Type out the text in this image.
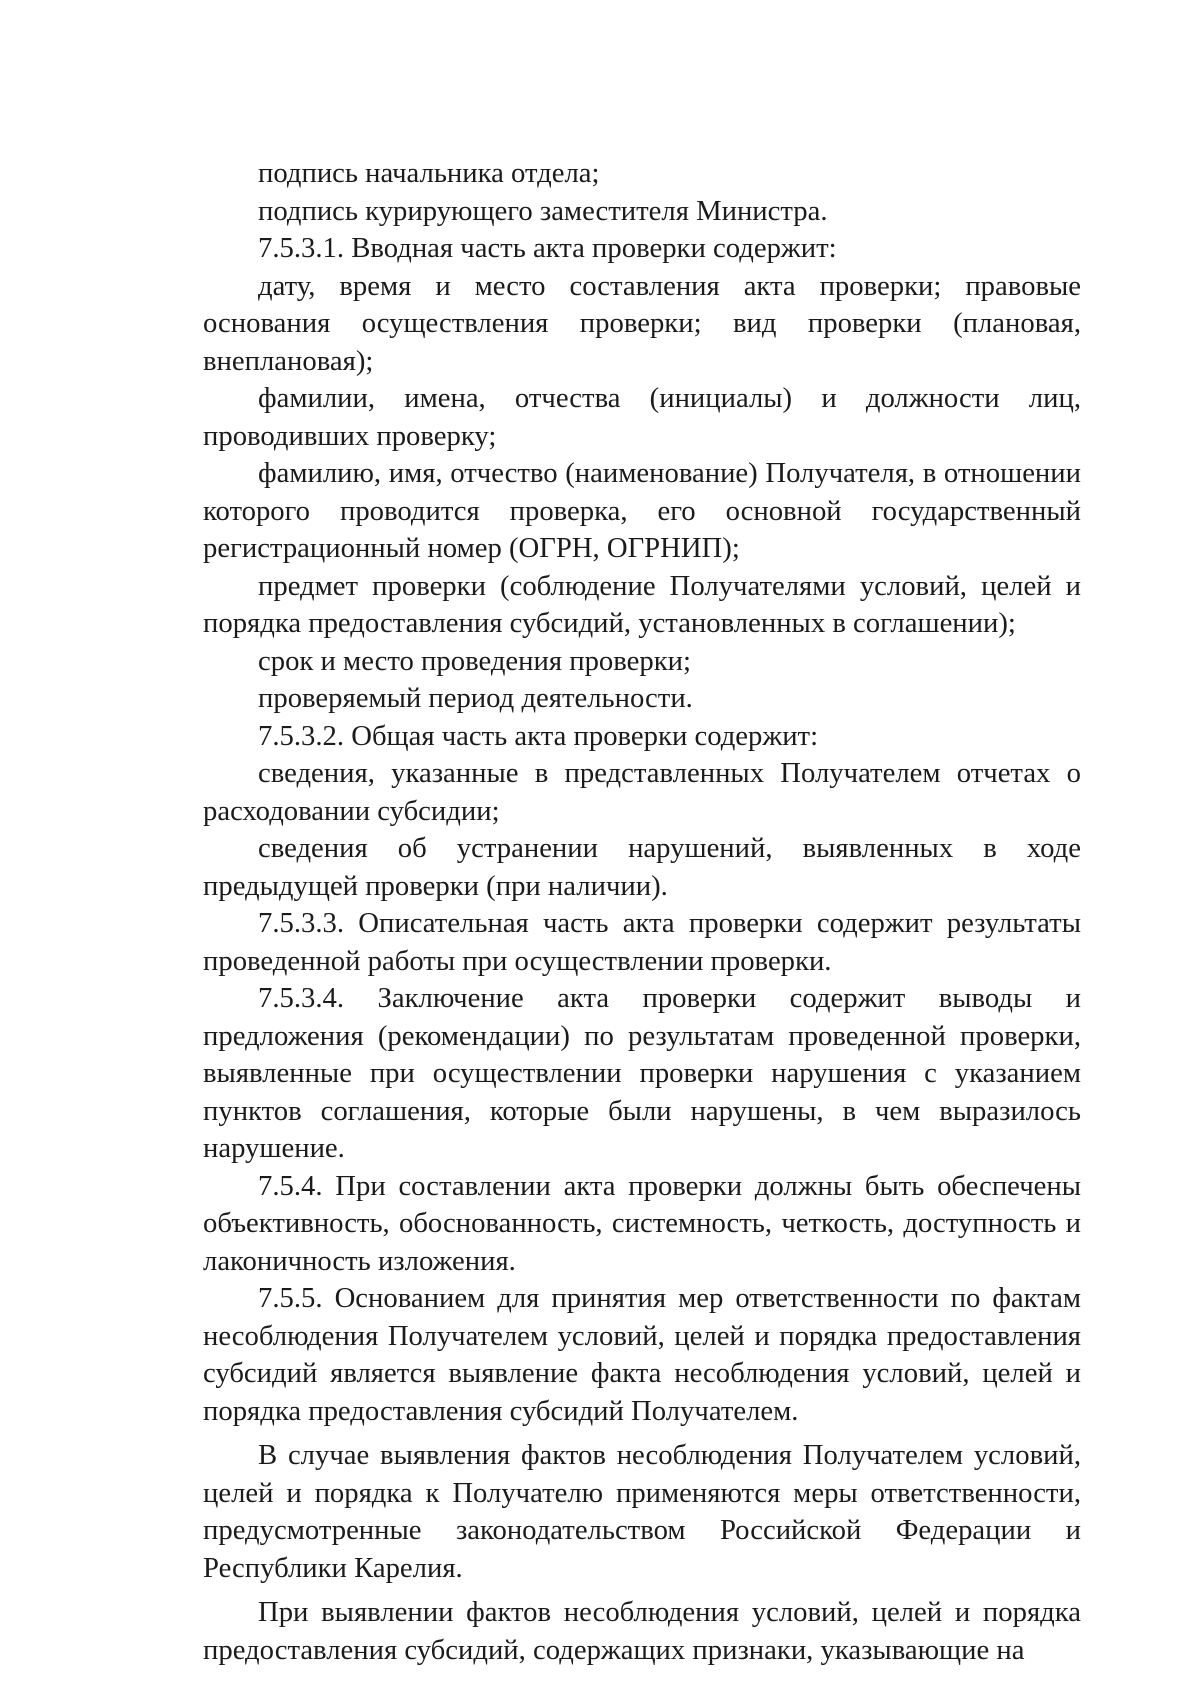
подпись начальника отдела;

подпись курирующего заместителя Министра.

7.5.3.1. Вводная часть акта проверки содержит:

дату, время и место составления акта проверки; правовые основания осуществления проверки; вид проверки (плановая, внеплановая);

фамилии, имена, отчества (инициалы) и должности лиц, проводивших проверку;

фамилию, имя, отчество (наименование) Получателя, в отношении которого проводится проверка, его основной государственный регистрационный номер (ОГРН, ОГРНИП);

предмет проверки (соблюдение Получателями условий, целей и порядка предоставления субсидий, установленных в соглашении);

срок и место проведения проверки;

проверяемый период деятельности.

7.5.3.2. Общая часть акта проверки содержит:

сведения, указанные в представленных Получателем отчетах о расходовании субсидии;

сведения об устранении нарушений, выявленных в ходе предыдущей проверки (при наличии).

7.5.3.3. Описательная часть акта проверки содержит результаты проведенной работы при осуществлении проверки.

7.5.3.4. Заключение акта проверки содержит выводы и предложения (рекомендации) по результатам проведенной проверки, выявленные при осуществлении проверки нарушения с указанием пунктов соглашения, которые были нарушены, в чем выразилось нарушение.

7.5.4. При составлении акта проверки должны быть обеспечены объективность, обоснованность, системность, четкость, доступность и лаконичность изложения.

7.5.5. Основанием для принятия мер ответственности по фактам несоблюдения Получателем условий, целей и порядка предоставления субсидий является выявление факта несоблюдения условий, целей и порядка предоставления субсидий Получателем.

В случае выявления фактов несоблюдения Получателем условий, целей и порядка к Получателю применяются меры ответственности, предусмотренные законодательством Российской Федерации и Республики Карелия.

При выявлении фактов несоблюдения условий, целей и порядка предоставления субсидий, содержащих признаки, указывающие на
